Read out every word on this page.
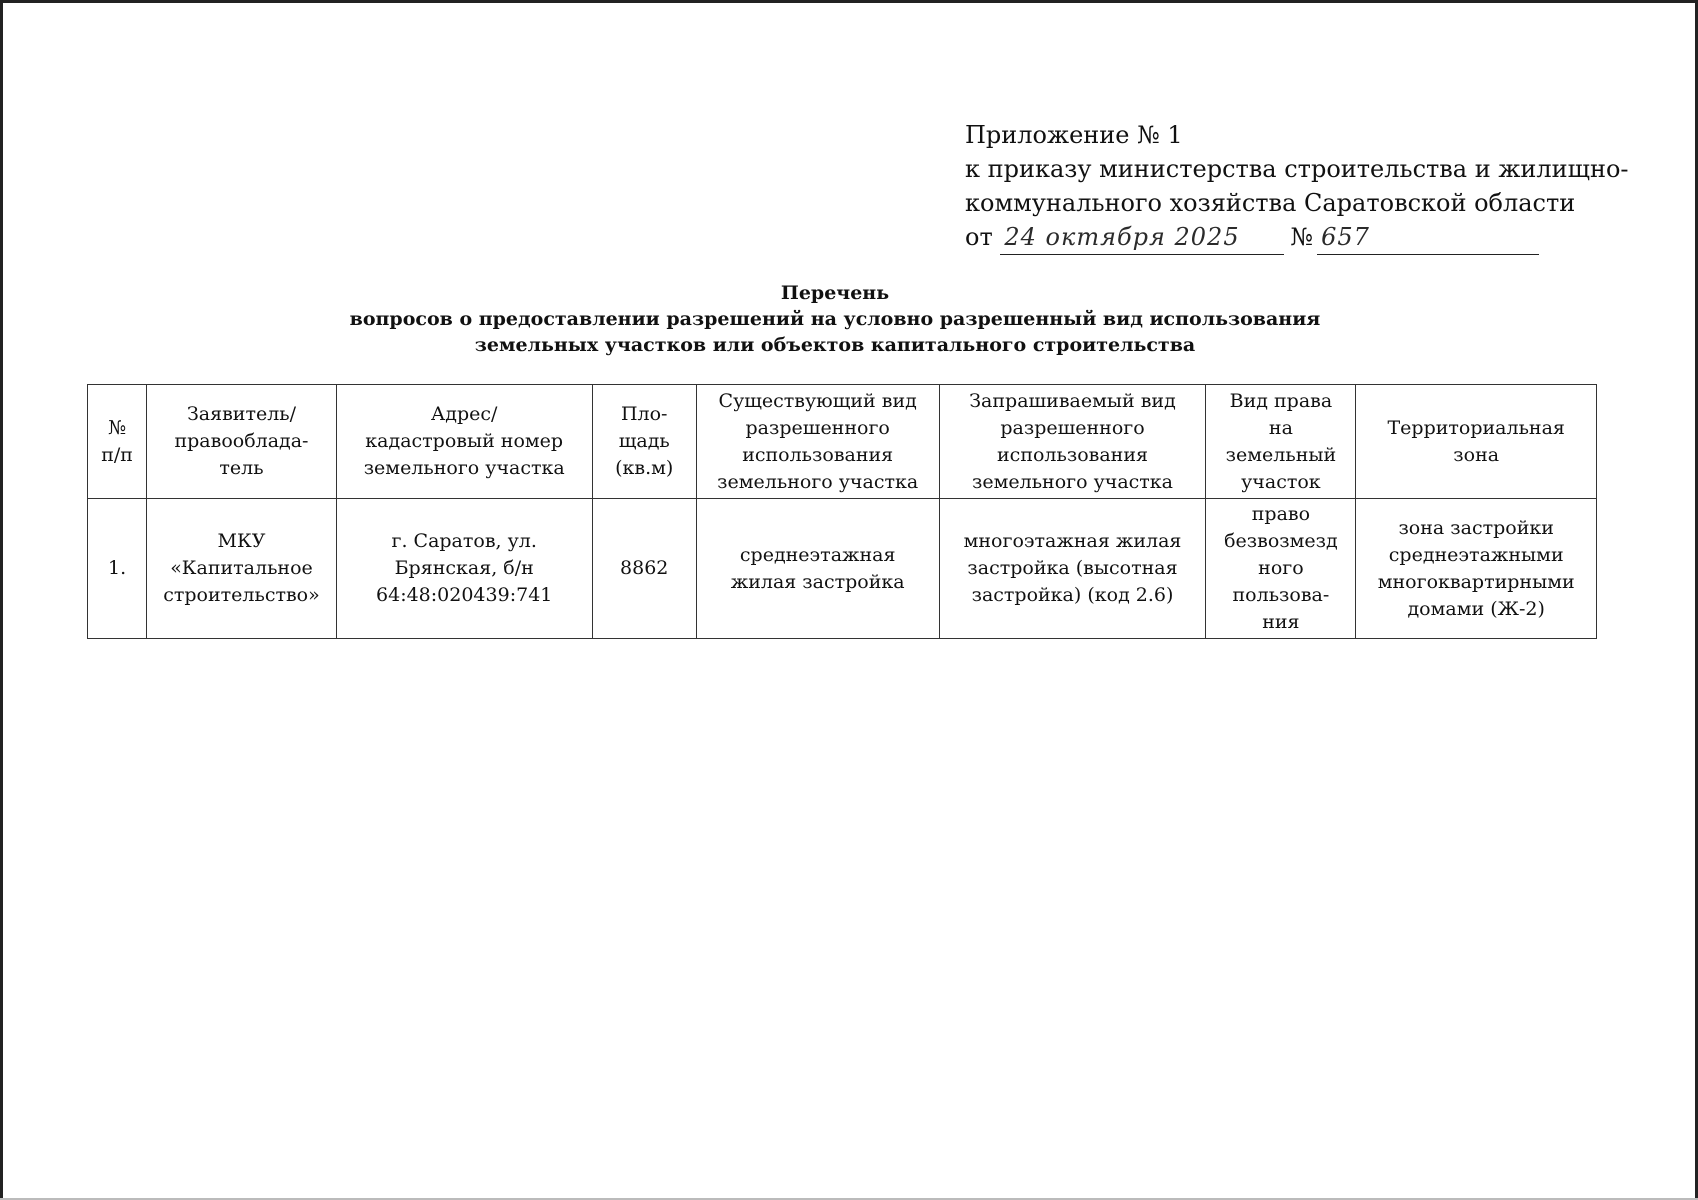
Приложение № 1
к приказу министерства строительства и жилищно-
коммунального хозяйства Саратовской области
от 24 октября 2025 № 657
Перечень
вопросов о предоставлении разрешений на условно разрешенный вид использования
земельных участков или объектов капитального строительства
№
п/п	Заявитель/
правооблада-
тель	Адрес/
кадастровый номер
земельного участка	Пло-
щадь
(кв.м)	Существующий вид
разрешенного
использования
земельного участка	Запрашиваемый вид
разрешенного
использования
земельного участка	Вид права
на
земельный
участок	Территориальная
зона

1.	МКУ
«Капитальное
строительство»	г. Саратов, ул.
Брянская, б/н
64:48:020439:741	8862	среднеэтажная
жилая застройка	многоэтажная жилая
застройка (высотная
застройка) (код 2.6)	право
безвозмезд
ного
пользова-
ния	зона застройки
среднеэтажными
многоквартирными
домами (Ж-2)
